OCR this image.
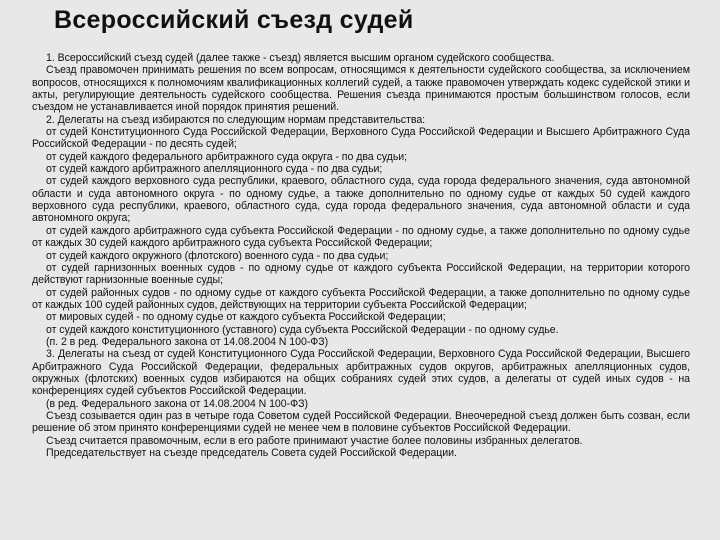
Всероссийский съезд судей

1. Всероссийский съезд судей (далее также - съезд) является высшим органом судейского сообщества.

Съезд правомочен принимать решения по всем вопросам, относящимся к деятельности судейского сообщества, за исключением вопросов, относящихся к полномочиям квалификационных коллегий судей, а также правомочен утверждать кодекс судейской этики и акты, регулирующие деятельность судейского сообщества. Решения съезда принимаются простым большинством голосов, если съездом не устанавливается иной порядок принятия решений.

2. Делегаты на съезд избираются по следующим нормам представительства:

от судей Конституционного Суда Российской Федерации, Верховного Суда Российской Федерации и Высшего Арбитражного Суда Российской Федерации - по десять судей;

от судей каждого федерального арбитражного суда округа - по два судьи;

от судей каждого арбитражного апелляционного суда - по два судьи;

от судей каждого верховного суда республики, краевого, областного суда, суда города федерального значения, суда автономной области и суда автономного округа - по одному судье, а также дополнительно по одному судье от каждых 50 судей каждого верховного суда республики, краевого, областного суда, суда города федерального значения, суда автономной области и суда автономного округа;

от судей каждого арбитражного суда субъекта Российской Федерации - по одному судье, а также дополнительно по одному судье от каждых 30 судей каждого арбитражного суда субъекта Российской Федерации;

от судей каждого окружного (флотского) военного суда - по два судьи;

от судей гарнизонных военных судов - по одному судье от каждого субъекта Российской Федерации, на территории которого действуют гарнизонные военные суды;

от судей районных судов - по одному судье от каждого субъекта Российской Федерации, а также дополнительно по одному судье от каждых 100 судей районных судов, действующих на территории субъекта Российской Федерации;

от мировых судей - по одному судье от каждого субъекта Российской Федерации;

от судей каждого конституционного (уставного) суда субъекта Российской Федерации - по одному судье.

(п. 2 в ред. Федерального закона от 14.08.2004 N 100-ФЗ)

3. Делегаты на съезд от судей Конституционного Суда Российской Федерации, Верховного Суда Российской Федерации, Высшего Арбитражного Суда Российской Федерации, федеральных арбитражных судов округов, арбитражных апелляционных судов, окружных (флотских) военных судов избираются на общих собраниях судей этих судов, а делегаты от судей иных судов - на конференциях судей субъектов Российской Федерации.

(в ред. Федерального закона от 14.08.2004 N 100-ФЗ)

Съезд созывается один раз в четыре года Советом судей Российской Федерации. Внеочередной съезд должен быть созван, если решение об этом принято конференциями судей не менее чем в половине субъектов Российской Федерации.

Съезд считается правомочным, если в его работе принимают участие более половины избранных делегатов.

Председательствует на съезде председатель Совета судей Российской Федерации.
